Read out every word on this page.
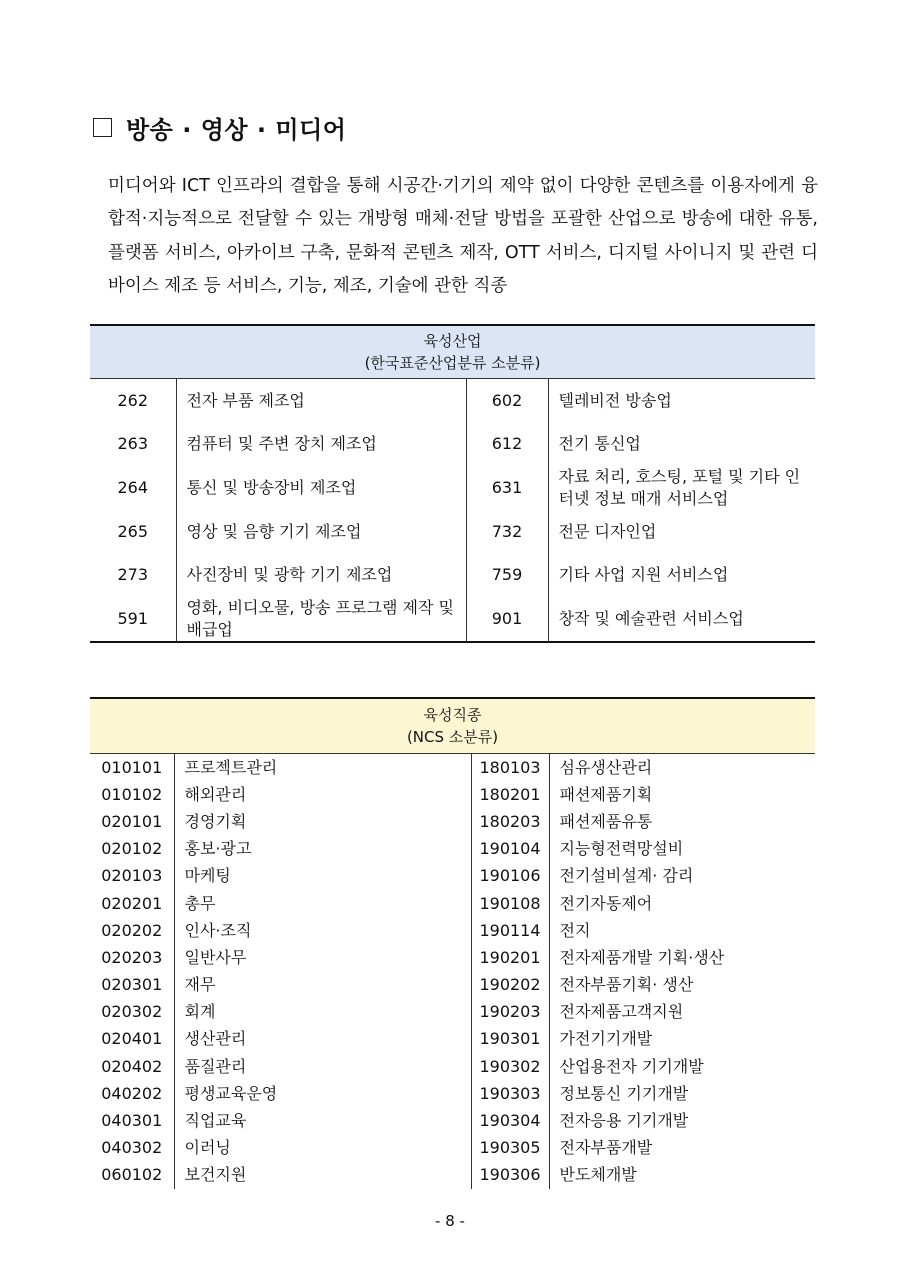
방송 · 영상 · 미디어

미디어와 ICT 인프라의 결합을 통해 시공간·기기의 제약 없이 다양한 콘텐츠를 이용자에게 융합적·지능적으로 전달할 수 있는 개방형 매체·전달 방법을 포괄한 산업으로 방송에 대한 유통, 플랫폼 서비스, 아카이브 구축, 문화적 콘텐츠 제작, OTT 서비스, 디지털 사이니지 및 관련 디바이스 제조 등 서비스, 기능, 제조, 기술에 관한 직종

육성산업
(한국표준산업분류 소분류)			

262	전자 부품 제조업	602	텔레비전 방송업
263	컴퓨터 및 주변 장치 제조업	612	전기 통신업
264	통신 및 방송장비 제조업	631	자료 처리, 호스팅, 포털 및 기타 인터넷 정보 매개 서비스업
265	영상 및 음향 기기 제조업	732	전문 디자인업
273	사진장비 및 광학 기기 제조업	759	기타 사업 지원 서비스업
591	영화, 비디오물, 방송 프로그램 제작 및 배급업	901	창작 및 예술관련 서비스업
육성직종
(NCS 소분류)			

010101	프로젝트관리	180103	섬유생산관리
010102	해외관리	180201	패션제품기획
020101	경영기획	180203	패션제품유통
020102	홍보·광고	190104	지능형전력망설비
020103	마케팅	190106	전기설비설계· 감리
020201	총무	190108	전기자동제어
020202	인사·조직	190114	전지
020203	일반사무	190201	전자제품개발 기획·생산
020301	재무	190202	전자부품기획· 생산
020302	회계	190203	전자제품고객지원
020401	생산관리	190301	가전기기개발
020402	품질관리	190302	산업용전자 기기개발
040202	평생교육운영	190303	정보통신 기기개발
040301	직업교육	190304	전자응용 기기개발
040302	이러닝	190305	전자부품개발
060102	보건지원	190306	반도체개발
- 8 -
